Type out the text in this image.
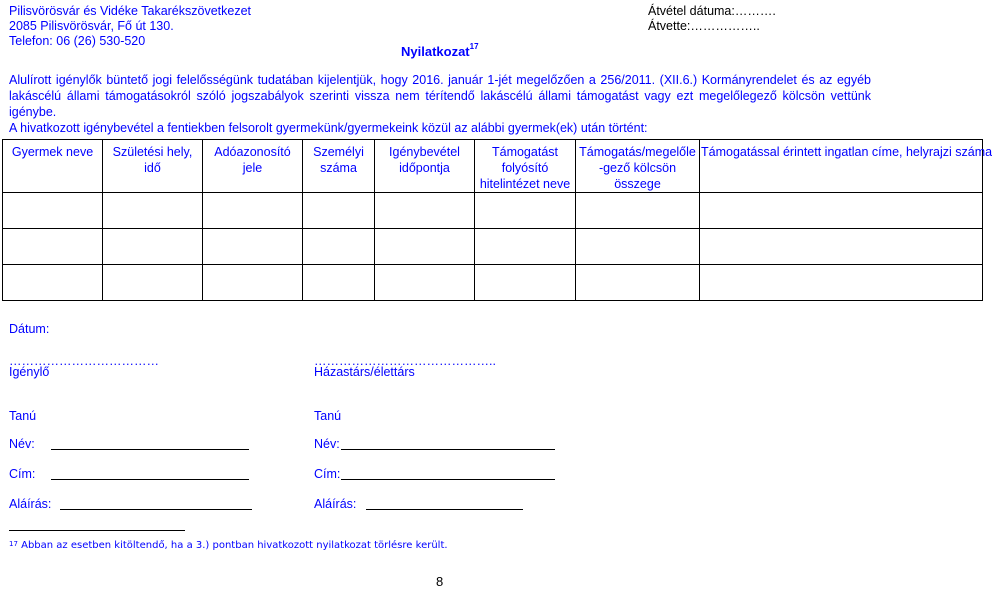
Pilisvörösvár és Vidéke Takarékszövetkezet
2085 Pilisvörösvár, Fő út 130.
Telefon: 06 (26) 530-520
Átvétel dátuma:……….
Átvette:……………..
Nyilatkozat$^{17}$
Alulírott igénylők büntető jogi felelősségünk tudatában kijelentjük, hogy 2016. január 1-jét megelőzően a 256/2011. (XII.6.) Kormányrendelet és az egyéb
lakáscélú állami támogatásokról szóló jogszabályok szerinti vissza nem térítendő lakáscélú állami támogatást vagy ezt megelőlegező kölcsön vettünk
igénybe.
A hivatkozott igénybevétel a fentiekben felsorolt gyermekünk/gyermekeink közül az alábbi gyermek(ek) után történt:
Gyermek neve	Születési hely, idő	Adóazonosító jele	Személyi száma	Igénybevétel időpontja	Támogatást folyósító hitelintézet neve	Támogatás/megelőle -gező kölcsön összege	Támogatással érintett ingatlan címe, helyrajzi száma

Dátum:
………………………………	……………………………………..
Igénylő	Házastárs/élettárs
Tanú
Név:
Cím:
Aláírás:
Tanú
Név:
Cím:
Aláírás:
$^{17}$ Abban az esetben kitöltendő, ha a 3.) pontban hivatkozott nyilatkozat törlésre került.
8
